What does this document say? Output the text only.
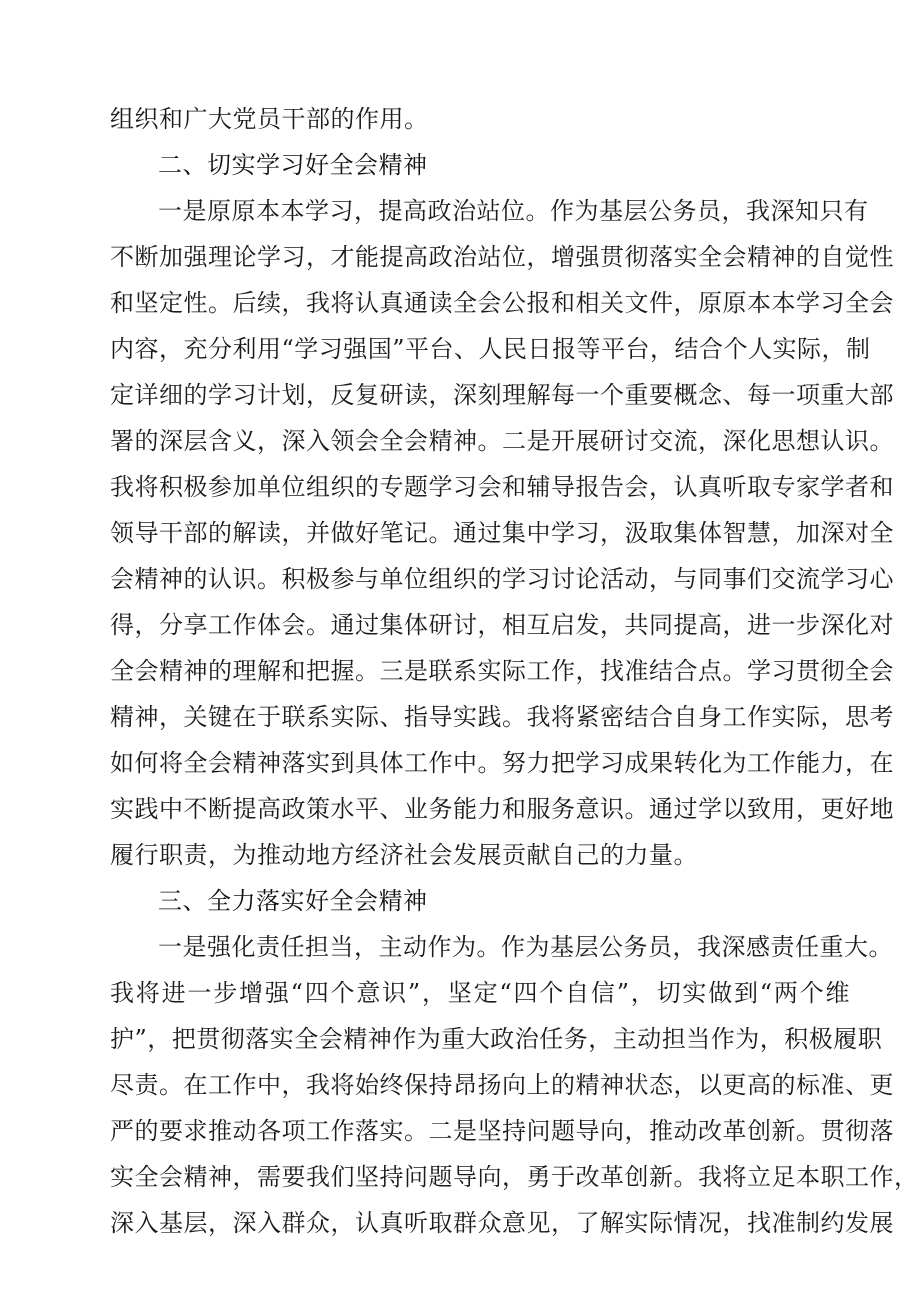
组织和广大党员干部的作用。
二、切实学习好全会精神
一是原原本本学习，提高政治站位。作为基层公务员，我深知只有
不断加强理论学习，才能提高政治站位，增强贯彻落实全会精神的自觉性
和坚定性。后续，我将认真通读全会公报和相关文件，原原本本学习全会
内容，充分利用“学习强国”平台、人民日报等平台，结合个人实际，制
定详细的学习计划，反复研读，深刻理解每一个重要概念、每一项重大部
署的深层含义，深入领会全会精神。二是开展研讨交流，深化思想认识。
我将积极参加单位组织的专题学习会和辅导报告会，认真听取专家学者和
领导干部的解读，并做好笔记。通过集中学习，汲取集体智慧，加深对全
会精神的认识。积极参与单位组织的学习讨论活动，与同事们交流学习心
得，分享工作体会。通过集体研讨，相互启发，共同提高，进一步深化对
全会精神的理解和把握。三是联系实际工作，找准结合点。学习贯彻全会
精神，关键在于联系实际、指导实践。我将紧密结合自身工作实际，思考
如何将全会精神落实到具体工作中。努力把学习成果转化为工作能力，在
实践中不断提高政策水平、业务能力和服务意识。通过学以致用，更好地
履行职责，为推动地方经济社会发展贡献自己的力量。
三、全力落实好全会精神
一是强化责任担当，主动作为。作为基层公务员，我深感责任重大。
我将进一步增强“四个意识”，坚定“四个自信”，切实做到“两个维
护”，把贯彻落实全会精神作为重大政治任务，主动担当作为，积极履职
尽责。在工作中，我将始终保持昂扬向上的精神状态，以更高的标准、更
严的要求推动各项工作落实。二是坚持问题导向，推动改革创新。贯彻落
实全会精神，需要我们坚持问题导向，勇于改革创新。我将立足本职工作，
深入基层，深入群众，认真听取群众意见，了解实际情况，找准制约发展
